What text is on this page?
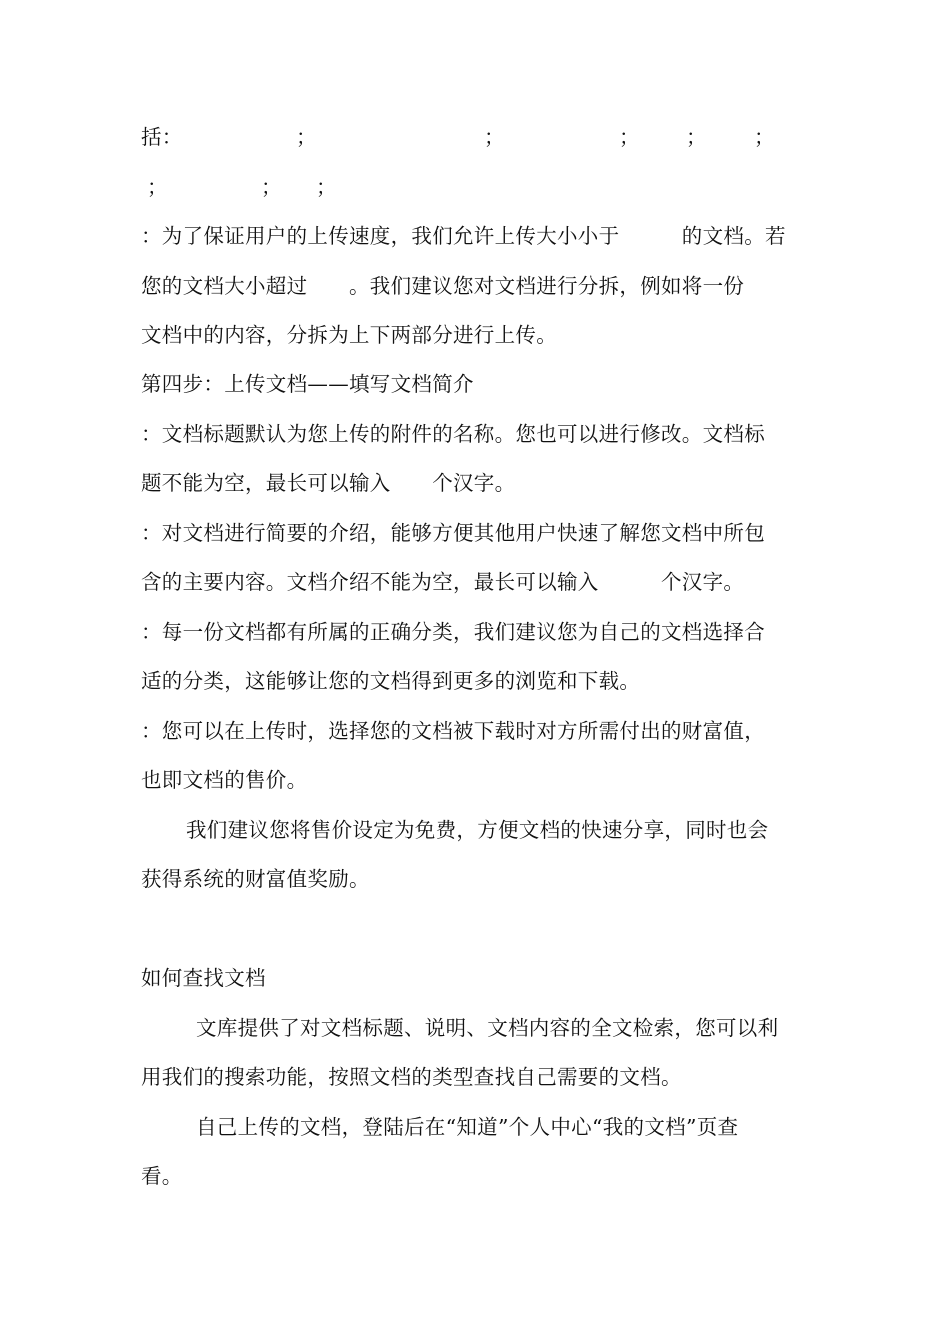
括：	；	；	； ； ；
；	； ；
：为了保证用户的上传速度，我们允许上传大小小于　　　的文档。若
您的文档大小超过　　。我们建议您对文档进行分拆，例如将一份
文档中的内容，分拆为上下两部分进行上传。
第四步：上传文档——填写文档简介
：文档标题默认为您上传的附件的名称。您也可以进行修改。文档标
题不能为空，最长可以输入　　个汉字。
：对文档进行简要的介绍，能够方便其他用户快速了解您文档中所包
含的主要内容。文档介绍不能为空，最长可以输入　　　个汉字。
：每一份文档都有所属的正确分类，我们建议您为自己的文档选择合
适的分类，这能够让您的文档得到更多的浏览和下载。
：您可以在上传时，选择您的文档被下载时对方所需付出的财富值，
也即文档的售价。
我们建议您将售价设定为免费，方便文档的快速分享，同时也会
获得系统的财富值奖励。
如何查找文档
文库提供了对文档标题、说明、文档内容的全文检索，您可以利
用我们的搜索功能，按照文档的类型查找自己需要的文档。
自己上传的文档，登陆后在“知道”个人中心“我的文档”页查
看。
